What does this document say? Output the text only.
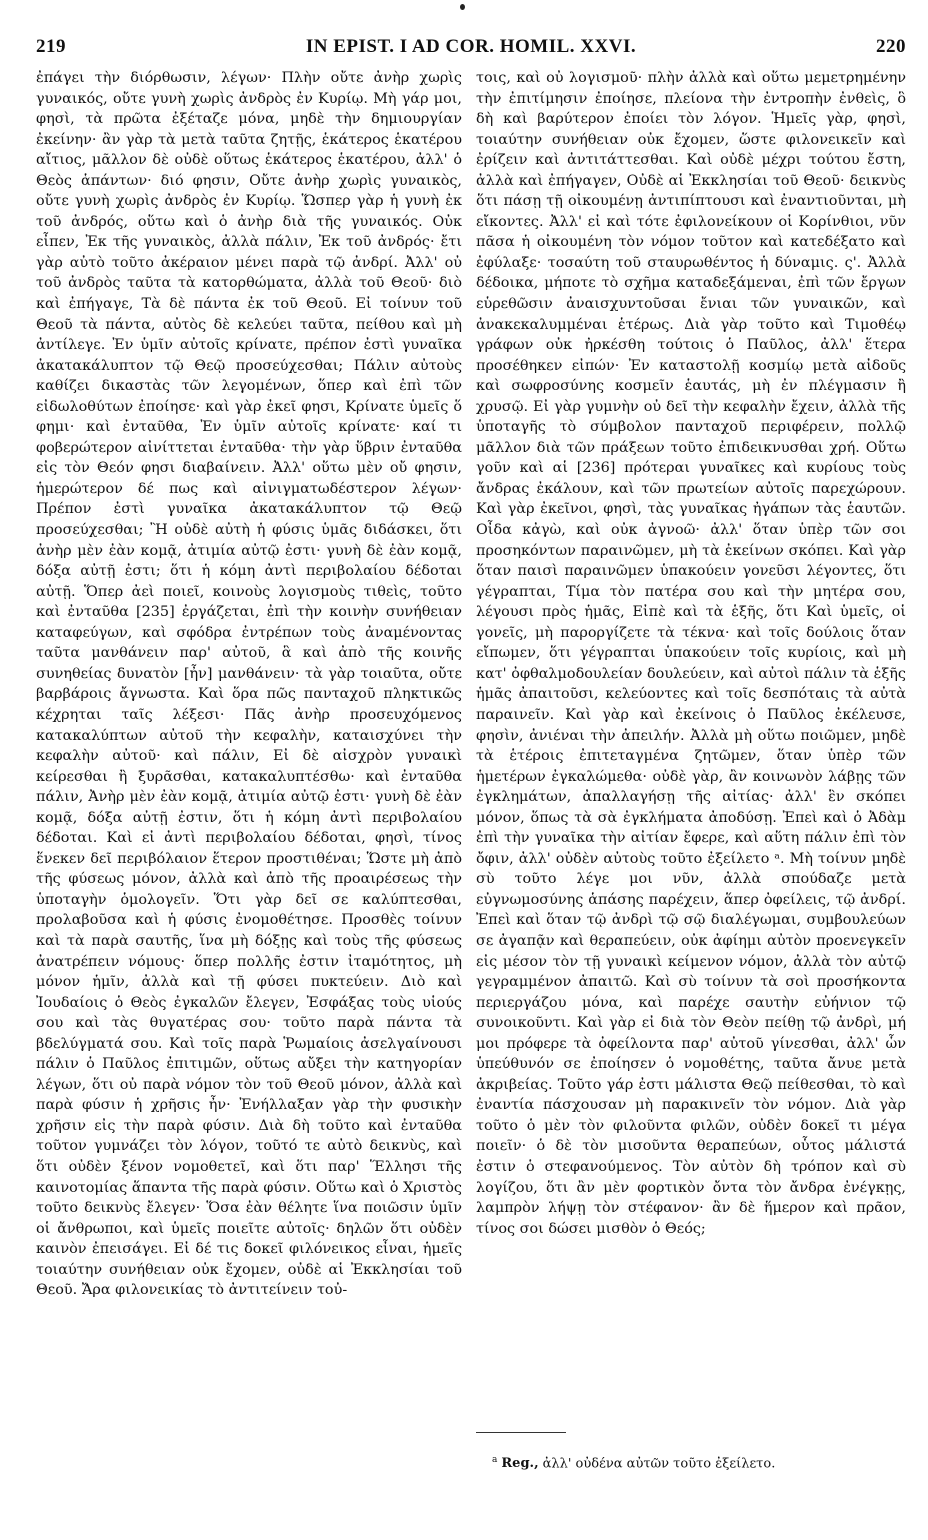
219	IN EPIST. I AD COR. HOMIL. XXVI.	220
ἐπάγει τὴν διόρθωσιν, λέγων· Πλὴν οὔτε ἀνὴρ χωρὶς γυναικός, οὔτε γυνὴ χωρὶς ἀνδρὸς ἐν Κυρίῳ. Μὴ γάρ μοι, φησὶ, τὰ πρῶτα ἐξέταζε μόνα, μηδὲ τὴν δημιουργίαν ἐκείνην· ἂν γὰρ τὰ μετὰ ταῦτα ζητῇς, ἑκάτερος ἑκατέρου αἴτιος, μᾶλλον δὲ οὐδὲ οὕτως ἑκάτερος ἑκατέρου, ἀλλ' ὁ Θεὸς ἁπάντων· διό φησιν, Οὔτε ἀνὴρ χωρὶς γυναικὸς, οὔτε γυνὴ χωρὶς ἀνδρὸς ἐν Κυρίῳ. Ὥσπερ γὰρ ἡ γυνὴ ἐκ τοῦ ἀνδρός, οὕτω καὶ ὁ ἀνὴρ διὰ τῆς γυναικός. Οὐκ εἶπεν, Ἐκ τῆς γυναικὸς, ἀλλὰ πάλιν, Ἐκ τοῦ ἀνδρός· ἔτι γὰρ αὐτὸ τοῦτο ἀκέραιον μένει παρὰ τῷ ἀνδρί. Ἀλλ' οὐ τοῦ ἀνδρὸς ταῦτα τὰ κατορθώματα, ἀλλὰ τοῦ Θεοῦ· διὸ καὶ ἐπήγαγε, Τὰ δὲ πάντα ἐκ τοῦ Θεοῦ. Εἰ τοίνυν τοῦ Θεοῦ τὰ πάντα, αὐτὸς δὲ κελεύει ταῦτα, πείθου καὶ μὴ ἀντίλεγε. Ἐν ὑμῖν αὐτοῖς κρίνατε, πρέπον ἐστὶ γυναῖκα ἀκατακάλυπτον τῷ Θεῷ προσεύχεσθαι; Πάλιν αὐτοὺς καθίζει δικαστὰς τῶν λεγομένων, ὅπερ καὶ ἐπὶ τῶν εἰδωλοθύτων ἐποίησε· καὶ γὰρ ἐκεῖ φησι, Κρίνατε ὑμεῖς ὅ φημι· καὶ ἐνταῦθα, Ἐν ὑμῖν αὐτοῖς κρίνατε· καί τι φοβερώτερον αἰνίττεται ἐνταῦθα· τὴν γὰρ ὕβριν ἐνταῦθα εἰς τὸν Θεόν φησι διαβαίνειν. Ἀλλ' οὕτω μὲν οὔ φησιν, ἡμερώτερον δέ πως καὶ αἰνιγματωδέστερον λέγων· Πρέπον ἐστὶ γυναῖκα ἀκατακάλυπτον τῷ Θεῷ προσεύχεσθαι; Ἢ οὐδὲ αὐτὴ ἡ φύσις ὑμᾶς διδάσκει, ὅτι ἀνὴρ μὲν ἐὰν κομᾷ, ἀτιμία αὐτῷ ἐστι· γυνὴ δὲ ἐὰν κομᾷ, δόξα αὐτῇ ἐστι; ὅτι ἡ κόμη ἀντὶ περιβολαίου δέδοται αὐτῇ. Ὅπερ ἀεὶ ποιεῖ, κοινοὺς λογισμοὺς τιθεὶς, τοῦτο καὶ ἐνταῦθα [235] ἐργάζεται, ἐπὶ τὴν κοινὴν συνήθειαν καταφεύγων, καὶ σφόδρα ἐντρέπων τοὺς ἀναμένοντας ταῦτα μανθάνειν παρ' αὐτοῦ, ἃ καὶ ἀπὸ τῆς κοινῆς συνηθείας δυνατὸν [ἦν] μανθάνειν· τὰ γὰρ τοιαῦτα, οὔτε βαρβάροις ἄγνωστα. Καὶ ὅρα πῶς πανταχοῦ πληκτικῶς κέχρηται ταῖς λέξεσι· Πᾶς ἀνὴρ προσευχόμενος κατακαλύπτων αὐτοῦ τὴν κεφαλὴν, καταισχύνει τὴν κεφαλὴν αὐτοῦ· καὶ πάλιν, Εἰ δὲ αἰσχρὸν γυναικὶ κείρεσθαι ἢ ξυρᾶσθαι, κατακαλυπτέσθω· καὶ ἐνταῦθα πάλιν, Ἀνὴρ μὲν ἐὰν κομᾷ, ἀτιμία αὐτῷ ἐστι· γυνὴ δὲ ἐὰν κομᾷ, δόξα αὐτῇ ἐστιν, ὅτι ἡ κόμη ἀντὶ περιβολαίου δέδοται. Καὶ εἰ ἀντὶ περιβολαίου δέδοται, φησὶ, τίνος ἕνεκεν δεῖ περιβόλαιον ἕτερον προστιθέναι; Ὥστε μὴ ἀπὸ τῆς φύσεως μόνον, ἀλλὰ καὶ ἀπὸ τῆς προαιρέσεως τὴν ὑποταγὴν ὁμολογεῖν. Ὅτι γὰρ δεῖ σε καλύπτεσθαι, προλαβοῦσα καὶ ἡ φύσις ἐνομοθέτησε. Προσθὲς τοίνυν καὶ τὰ παρὰ σαυτῆς, ἵνα μὴ δόξῃς καὶ τοὺς τῆς φύσεως ἀνατρέπειν νόμους· ὅπερ πολλῆς ἐστιν ἰταμότητος, μὴ μόνον ἡμῖν, ἀλλὰ καὶ τῇ φύσει πυκτεύειν. Διὸ καὶ Ἰουδαίοις ὁ Θεὸς ἐγκαλῶν ἔλεγεν, Ἐσφάξας τοὺς υἱούς σου καὶ τὰς θυγατέρας σου· τοῦτο παρὰ πάντα τὰ βδελύγματά σου. Καὶ τοῖς παρὰ Ῥωμαίοις ἀσελγαίνουσι πάλιν ὁ Παῦλος ἐπιτιμῶν, οὕτως αὔξει τὴν κατηγορίαν λέγων, ὅτι οὐ παρὰ νόμον τὸν τοῦ Θεοῦ μόνον, ἀλλὰ καὶ παρὰ φύσιν ἡ χρῆσις ἦν· Ἐνήλλαξαν γὰρ τὴν φυσικὴν χρῆσιν εἰς τὴν παρὰ φύσιν. Διὰ δὴ τοῦτο καὶ ἐνταῦθα τοῦτον γυμνάζει τὸν λόγον, τοῦτό τε αὐτὸ δεικνὺς, καὶ ὅτι οὐδὲν ξένον νομοθετεῖ, καὶ ὅτι παρ' Ἕλλησι τῆς καινοτομίας ἅπαντα τῆς παρὰ φύσιν. Οὕτω καὶ ὁ Χριστὸς τοῦτο δεικνὺς ἔλεγεν· Ὅσα ἐὰν θέλητε ἵνα ποιῶσιν ὑμῖν οἱ ἄνθρωποι, καὶ ὑμεῖς ποιεῖτε αὐτοῖς· δηλῶν ὅτι οὐδὲν καινὸν ἐπεισάγει. Εἰ δέ τις δοκεῖ φιλόνεικος εἶναι, ἡμεῖς τοιαύτην συνήθειαν οὐκ ἔχομεν, οὐδὲ αἱ Ἐκκλησίαι τοῦ Θεοῦ. Ἄρα φιλονεικίας τὸ ἀντιτείνειν τοὐ-
τοις, καὶ οὐ λογισμοῦ· πλὴν ἀλλὰ καὶ οὕτω μεμετρημένην τὴν ἐπιτίμησιν ἐποίησε, πλείονα τὴν ἐντροπὴν ἐνθεὶς, ὃ δὴ καὶ βαρύτερον ἐποίει τὸν λόγον. Ἡμεῖς γὰρ, φησὶ, τοιαύτην συνήθειαν οὐκ ἔχομεν, ὥστε φιλονεικεῖν καὶ ἐρίζειν καὶ ἀντιτάττεσθαι. Καὶ οὐδὲ μέχρι τούτου ἔστη, ἀλλὰ καὶ ἐπήγαγεν, Οὐδὲ αἱ Ἐκκλησίαι τοῦ Θεοῦ· δεικνὺς ὅτι πάσῃ τῇ οἰκουμένῃ ἀντιπίπτουσι καὶ ἐναντιοῦνται, μὴ εἴκοντες. Ἀλλ' εἰ καὶ τότε ἐφιλονείκουν οἱ Κορίνθιοι, νῦν πᾶσα ἡ οἰκουμένη τὸν νόμον τοῦτον καὶ κατεδέξατο καὶ ἐφύλαξε· τοσαύτη τοῦ σταυρωθέντος ἡ δύναμις. ς'. Ἀλλὰ δέδοικα, μήποτε τὸ σχῆμα καταδεξάμεναι, ἐπὶ τῶν ἔργων εὑρεθῶσιν ἀναισχυντοῦσαι ἔνιαι τῶν γυναικῶν, καὶ ἀνακεκαλυμμέναι ἑτέρως. Διὰ γὰρ τοῦτο καὶ Τιμοθέῳ γράφων οὐκ ἠρκέσθη τούτοις ὁ Παῦλος, ἀλλ' ἕτερα προσέθηκεν εἰπών· Ἐν καταστολῇ κοσμίῳ μετὰ αἰδοῦς καὶ σωφροσύνης κοσμεῖν ἑαυτάς, μὴ ἐν πλέγμασιν ἢ χρυσῷ. Εἰ γὰρ γυμνὴν οὐ δεῖ τὴν κεφαλὴν ἔχειν, ἀλλὰ τῆς ὑποταγῆς τὸ σύμβολον πανταχοῦ περιφέρειν, πολλῷ μᾶλλον διὰ τῶν πράξεων τοῦτο ἐπιδεικνυσθαι χρή. Οὕτω γοῦν καὶ αἱ [236] πρότεραι γυναῖκες καὶ κυρίους τοὺς ἄνδρας ἐκάλουν, καὶ τῶν πρωτείων αὐτοῖς παρεχώρουν. Καὶ γὰρ ἐκεῖνοι, φησὶ, τὰς γυναῖκας ἠγάπων τὰς ἑαυτῶν. Οἶδα κἀγὼ, καὶ οὐκ ἀγνοῶ· ἀλλ' ὅταν ὑπὲρ τῶν σοι προσηκόντων παραινῶμεν, μὴ τὰ ἐκείνων σκόπει. Καὶ γὰρ ὅταν παισὶ παραινῶμεν ὑπακούειν γονεῦσι λέγοντες, ὅτι γέγραπται, Τίμα τὸν πατέρα σου καὶ τὴν μητέρα σου, λέγουσι πρὸς ἡμᾶς, Εἰπὲ καὶ τὰ ἑξῆς, ὅτι Καὶ ὑμεῖς, οἱ γονεῖς, μὴ παροργίζετε τὰ τέκνα· καὶ τοῖς δούλοις ὅταν εἴπωμεν, ὅτι γέγραπται ὑπακούειν τοῖς κυρίοις, καὶ μὴ κατ' ὀφθαλμοδουλείαν δουλεύειν, καὶ αὐτοὶ πάλιν τὰ ἑξῆς ἡμᾶς ἀπαιτοῦσι, κελεύοντες καὶ τοῖς δεσπόταις τὰ αὐτὰ παραινεῖν. Καὶ γὰρ καὶ ἐκείνοις ὁ Παῦλος ἐκέλευσε, φησὶν, ἀνιέναι τὴν ἀπειλήν. Ἀλλὰ μὴ οὕτω ποιῶμεν, μηδὲ τὰ ἑτέροις ἐπιτεταγμένα ζητῶμεν, ὅταν ὑπὲρ τῶν ἡμετέρων ἐγκαλώμεθα· οὐδὲ γὰρ, ἂν κοινωνὸν λάβῃς τῶν ἐγκλημάτων, ἀπαλλαγήσῃ τῆς αἰτίας· ἀλλ' ἓν σκόπει μόνον, ὅπως τὰ σὰ ἐγκλήματα ἀποδύσῃ. Ἐπεὶ καὶ ὁ Ἀδὰμ ἐπὶ τὴν γυναῖκα τὴν αἰτίαν ἔφερε, καὶ αὕτη πάλιν ἐπὶ τὸν ὄφιν, ἀλλ' οὐδὲν αὐτοὺς τοῦτο ἐξείλετο ᵃ. Μὴ τοίνυν μηδὲ σὺ τοῦτο λέγε μοι νῦν, ἀλλὰ σπούδαζε μετὰ εὐγνωμοσύνης ἁπάσης παρέχειν, ἅπερ ὀφείλεις, τῷ ἀνδρί. Ἐπεὶ καὶ ὅταν τῷ ἀνδρὶ τῷ σῷ διαλέγωμαι, συμβουλεύων σε ἀγαπᾷν καὶ θεραπεύειν, οὐκ ἀφίημι αὐτὸν προενεγκεῖν εἰς μέσον τὸν τῇ γυναικὶ κείμενον νόμον, ἀλλὰ τὸν αὐτῷ γεγραμμένον ἀπαιτῶ. Καὶ σὺ τοίνυν τὰ σοὶ προσήκοντα περιεργάζου μόνα, καὶ παρέχε σαυτὴν εὐήνιον τῷ συνοικοῦντι. Καὶ γὰρ εἰ διὰ τὸν Θεὸν πείθῃ τῷ ἀνδρὶ, μή μοι πρόφερε τὰ ὀφείλοντα παρ' αὐτοῦ γίνεσθαι, ἀλλ' ὧν ὑπεύθυνόν σε ἐποίησεν ὁ νομοθέτης, ταῦτα ἄνυε μετὰ ἀκριβείας. Τοῦτο γάρ ἐστι μάλιστα Θεῷ πείθεσθαι, τὸ καὶ ἐναντία πάσχουσαν μὴ παρακινεῖν τὸν νόμον. Διὰ γὰρ τοῦτο ὁ μὲν τὸν φιλοῦντα φιλῶν, οὐδὲν δοκεῖ τι μέγα ποιεῖν· ὁ δὲ τὸν μισοῦντα θεραπεύων, οὗτος μάλιστά ἐστιν ὁ στεφανούμενος. Τὸν αὐτὸν δὴ τρόπον καὶ σὺ λογίζου, ὅτι ἂν μὲν φορτικὸν ὄντα τὸν ἄνδρα ἐνέγκῃς, λαμπρὸν λήψῃ τὸν στέφανον· ἂν δὲ ἥμερον καὶ πρᾶον, τίνος σοι δώσει μισθὸν ὁ Θεός;
$^a$ Reg., ἀλλ' οὐδένα αὐτῶν τοῦτο ἐξείλετο.
